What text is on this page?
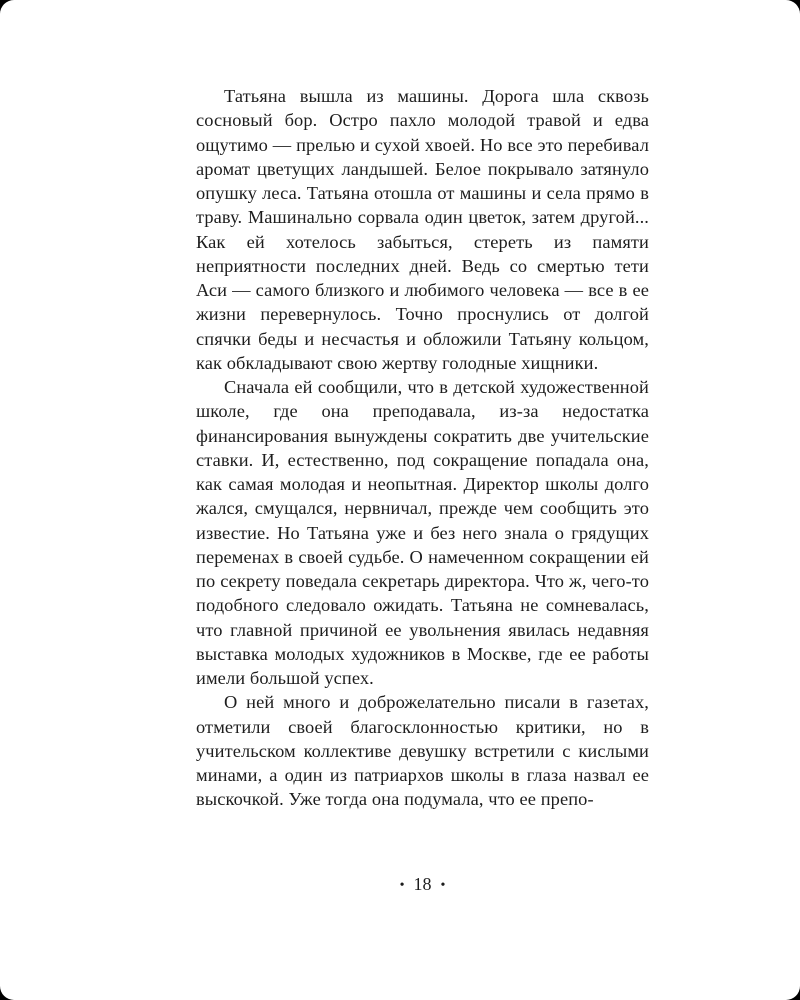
Татьяна вышла из машины. Дорога шла сквозь сосновый бор. Остро пахло молодой травой и едва ощутимо — прелью и сухой хвоей. Но все это перебивал аромат цветущих ландышей. Белое покрывало затянуло опушку леса. Татьяна отошла от машины и села прямо в траву. Машинально сорвала один цветок, затем другой... Как ей хотелось забыться, стереть из памяти неприятности последних дней. Ведь со смертью тети Аси — самого близкого и любимого человека — все в ее жизни перевернулось. Точно проснулись от долгой спячки беды и несчастья и обложили Татьяну кольцом, как обкладывают свою жертву голодные хищники.

Сначала ей сообщили, что в детской художественной школе, где она преподавала, из-за недостатка финансирования вынуждены сократить две учительские ставки. И, естественно, под сокращение попадала она, как самая молодая и неопытная. Директор школы долго жался, смущался, нервничал, прежде чем сообщить это известие. Но Татьяна уже и без него знала о грядущих переменах в своей судьбе. О намеченном сокращении ей по секрету поведала секретарь директора. Что ж, чего-то подобного следовало ожидать. Татьяна не сомневалась, что главной причиной ее увольнения явилась недавняя выставка молодых художников в Москве, где ее работы имели большой успех.

О ней много и доброжелательно писали в газетах, отметили своей благосклонностью критики, но в учительском коллективе девушку встретили с кислыми минами, а один из патриархов школы в глаза назвал ее выскочкой. Уже тогда она подумала, что ее препо-

• 18 •
